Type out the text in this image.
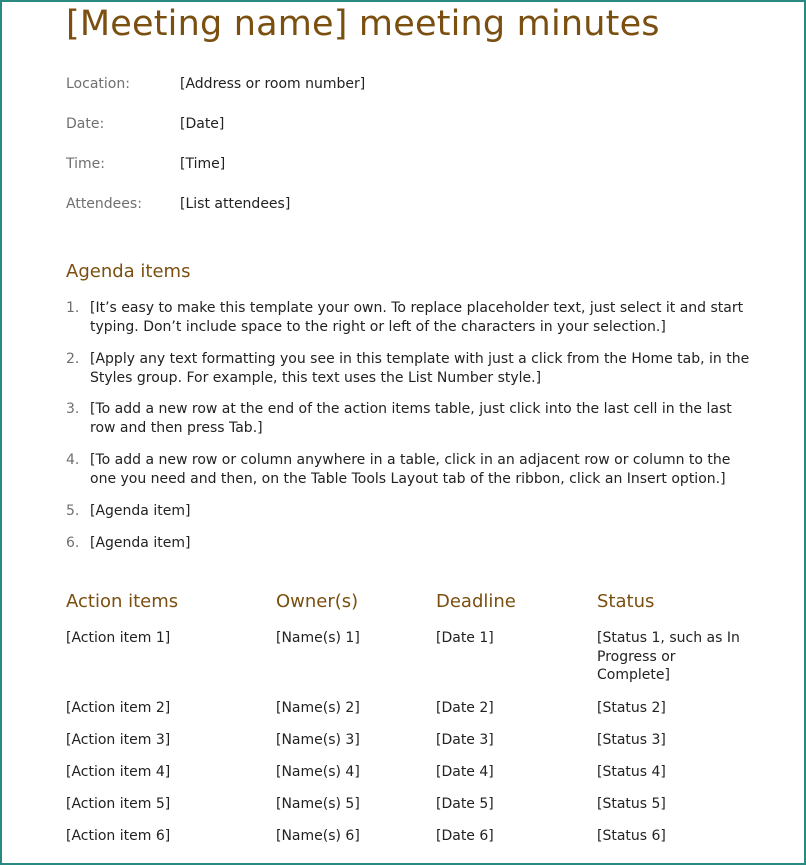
[Meeting name] meeting minutes
Location:	[Address or room number]
Date:	[Date]
Time:	[Time]
Attendees:	[List attendees]
Agenda items
1. [It’s easy to make this template your own. To replace placeholder text, just select it and start typing. Don’t include space to the right or left of the characters in your selection.]
2. [Apply any text formatting you see in this template with just a click from the Home tab, in the Styles group. For example, this text uses the List Number style.]
3. [To add a new row at the end of the action items table, just click into the last cell in the last row and then press Tab.]
4. [To add a new row or column anywhere in a table, click in an adjacent row or column to the one you need and then, on the Table Tools Layout tab of the ribbon, click an Insert option.]
5. [Agenda item]
6. [Agenda item]
Action items	Owner(s)	Deadline	Status
[Action item 1]	[Name(s) 1]	[Date 1]	[Status 1, such as In Progress or Complete]
[Action item 2]	[Name(s) 2]	[Date 2]	[Status 2]
[Action item 3]	[Name(s) 3]	[Date 3]	[Status 3]
[Action item 4]	[Name(s) 4]	[Date 4]	[Status 4]
[Action item 5]	[Name(s) 5]	[Date 5]	[Status 5]
[Action item 6]	[Name(s) 6]	[Date 6]	[Status 6]
